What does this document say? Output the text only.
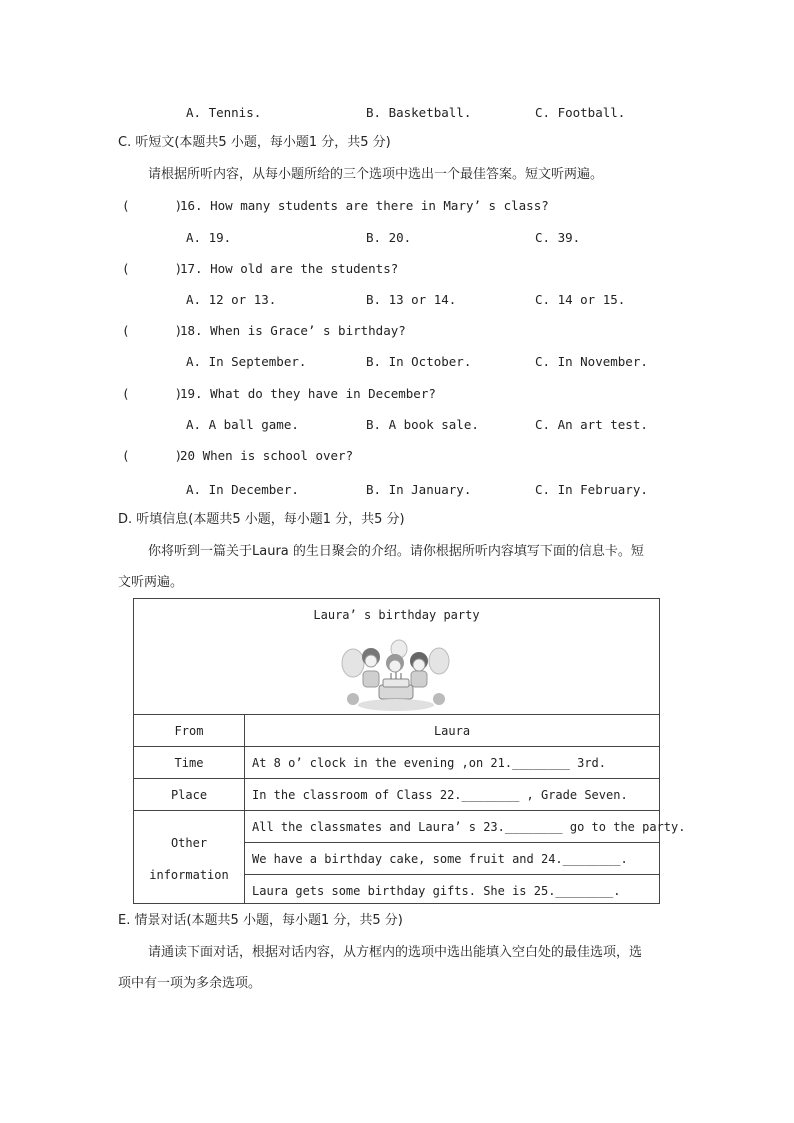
A. Tennis.	B. Basketball.	C. Football.
C. 听短文(本题共5 小题，每小题1 分，共5 分)
请根据所听内容，从每小题所给的三个选项中选出一个最佳答案。短文听两遍。
(      )
16. How many students are there in Mary’ s class?
A. 19.	B. 20.	C. 39.
(      )
17. How old are the students?
A. 12 or 13.	B. 13 or 14.	C. 14 or 15.
(      )
18. When is Grace’ s birthday?
A. In September.	B. In October.	C. In November.
(      )
19. What do they have in December?
A. A ball game.	B. A book sale.	C. An art test.
(      )
20 When is school over?
A. In December.	B. In January.	C. In February.
D. 听填信息(本题共5 小题，每小题1 分，共5 分)
你将听到一篇关于Laura 的生日聚会的介绍。请你根据所听内容填写下面的信息卡。短
文听两遍。
Laura’ s birthday party
From	Laura
Time	At 8 o’ clock in the evening ,on 21.________ 3rd.
Place	In the classroom of Class 22.________ , Grade Seven.
Other
information
All the classmates and Laura’ s 23.________ go to the party.
We have a birthday cake, some fruit and 24.________.
Laura gets some birthday gifts. She is 25.________.
E. 情景对话(本题共5 小题，每小题1 分，共5 分)
请通读下面对话，根据对话内容，从方框内的选项中选出能填入空白处的最佳选项，选
项中有一项为多余选项。
